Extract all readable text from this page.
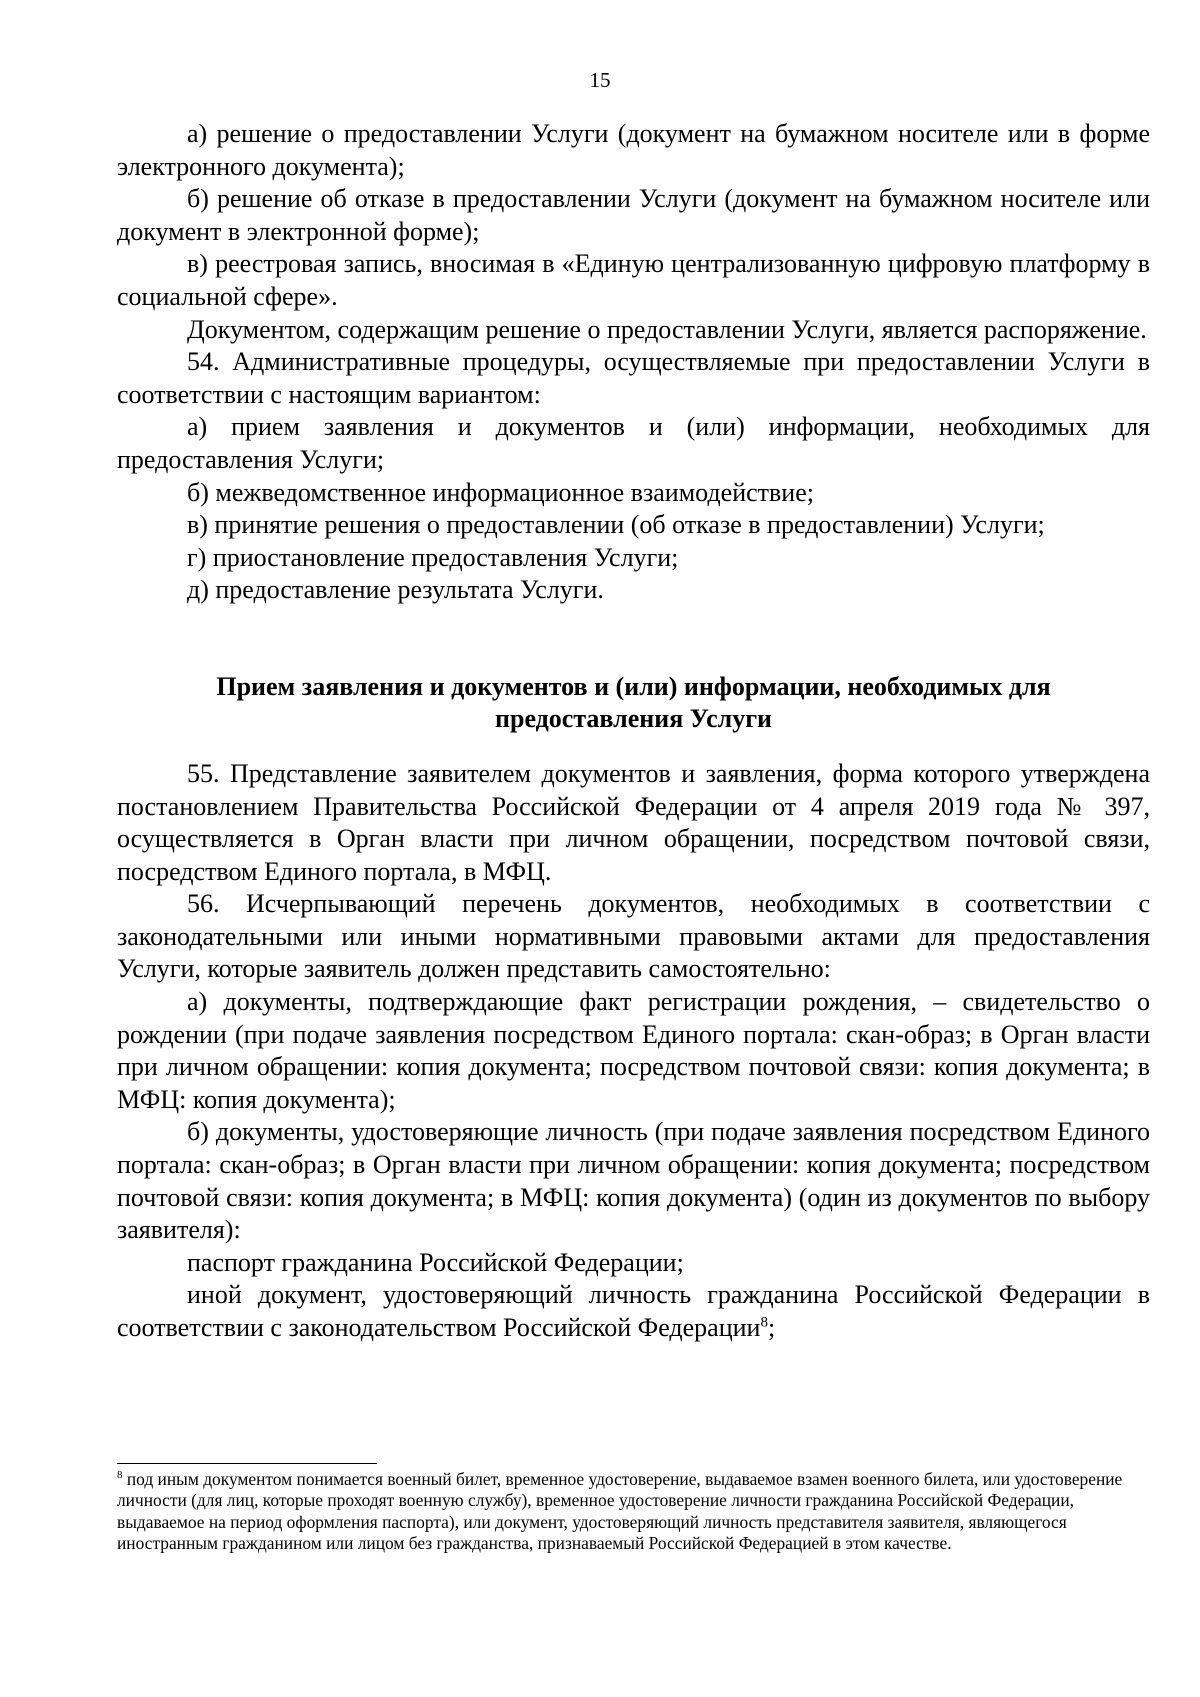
15

а) решение о предоставлении Услуги (документ на бумажном носителе или в форме электронного документа);

б) решение об отказе в предоставлении Услуги (документ на бумажном носителе или документ в электронной форме);

в) реестровая запись, вносимая в «Единую централизованную цифровую платформу в социальной сфере».

Документом, содержащим решение о предоставлении Услуги, является распоряжение.

54. Административные процедуры, осуществляемые при предоставлении Услуги в соответствии с настоящим вариантом:

а) прием заявления и документов и (или) информации, необходимых для предоставления Услуги;

б) межведомственное информационное взаимодействие;

в) принятие решения о предоставлении (об отказе в предоставлении) Услуги;

г) приостановление предоставления Услуги;

д) предоставление результата Услуги.

Прием заявления и документов и (или) информации, необходимых для предоставления Услуги

55. Представление заявителем документов и заявления, форма которого утверждена постановлением Правительства Российской Федерации от 4 апреля 2019 года № 397, осуществляется в Орган власти при личном обращении, посредством почтовой связи, посредством Единого портала, в МФЦ.

56. Исчерпывающий перечень документов, необходимых в соответствии с законодательными или иными нормативными правовыми актами для предоставления Услуги, которые заявитель должен представить самостоятельно:

а) документы, подтверждающие факт регистрации рождения, – свидетельство о рождении (при подаче заявления посредством Единого портала: скан-образ; в Орган власти при личном обращении: копия документа; посредством почтовой связи: копия документа; в МФЦ: копия документа);

б) документы, удостоверяющие личность (при подаче заявления посредством Единого портала: скан-образ; в Орган власти при личном обращении: копия документа; посредством почтовой связи: копия документа; в МФЦ: копия документа) (один из документов по выбору заявителя):

паспорт гражданина Российской Федерации;

иной документ, удостоверяющий личность гражданина Российской Федерации в соответствии с законодательством Российской Федерации$^8$;

$^8$ под иным документом понимается военный билет, временное удостоверение, выдаваемое взамен военного билета, или удостоверение личности (для лиц, которые проходят военную службу), временное удостоверение личности гражданина Российской Федерации, выдаваемое на период оформления паспорта), или документ, удостоверяющий личность представителя заявителя, являющегося иностранным гражданином или лицом без гражданства, признаваемый Российской Федерацией в этом качестве.
